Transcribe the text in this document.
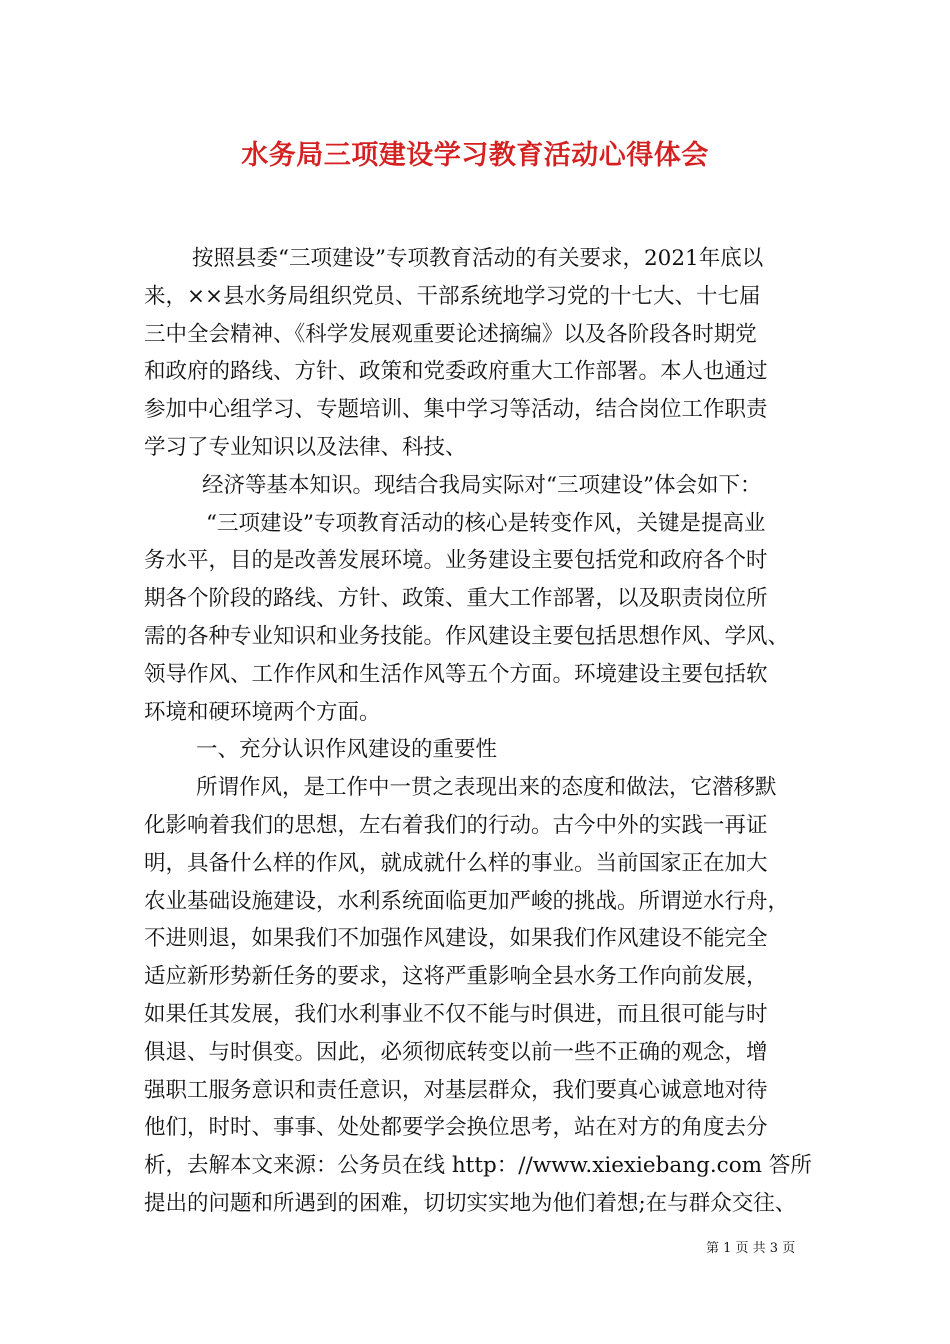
水务局三项建设学习教育活动心得体会
按照县委“三项建设”专项教育活动的有关要求，2021年底以
来，××县水务局组织党员、干部系统地学习党的十七大、十七届
三中全会精神、《科学发展观重要论述摘编》以及各阶段各时期党
和政府的路线、方针、政策和党委政府重大工作部署。本人也通过
参加中心组学习、专题培训、集中学习等活动，结合岗位工作职责
学习了专业知识以及法律、科技、
经济等基本知识。现结合我局实际对“三项建设”体会如下：
“三项建设”专项教育活动的核心是转变作风，关键是提高业
务水平，目的是改善发展环境。业务建设主要包括党和政府各个时
期各个阶段的路线、方针、政策、重大工作部署，以及职责岗位所
需的各种专业知识和业务技能。作风建设主要包括思想作风、学风、
领导作风、工作作风和生活作风等五个方面。环境建设主要包括软
环境和硬环境两个方面。
一、充分认识作风建设的重要性
所谓作风，是工作中一贯之表现出来的态度和做法，它潜移默
化影响着我们的思想，左右着我们的行动。古今中外的实践一再证
明，具备什么样的作风，就成就什么样的事业。当前国家正在加大
农业基础设施建设，水利系统面临更加严峻的挑战。所谓逆水行舟，
不进则退，如果我们不加强作风建设，如果我们作风建设不能完全
适应新形势新任务的要求，这将严重影响全县水务工作向前发展，
如果任其发展，我们水利事业不仅不能与时俱进，而且很可能与时
俱退、与时俱变。因此，必须彻底转变以前一些不正确的观念，增
强职工服务意识和责任意识，对基层群众，我们要真心诚意地对待
他们，时时、事事、处处都要学会换位思考，站在对方的角度去分
析，去解本文来源：公务员在线 http：//www.xiexiebang.com 答所
提出的问题和所遇到的困难，切切实实地为他们着想;在与群众交往、
第 1 页 共 3 页
